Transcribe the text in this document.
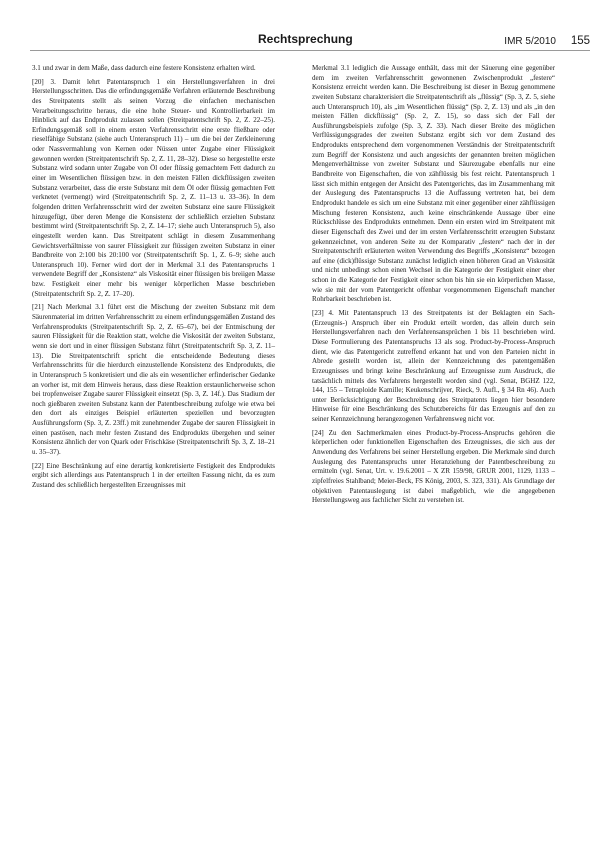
Rechtsprechung	IMR 5/2010 155

3.1 und zwar in dem Maße, dass dadurch eine festere Konsistenz erhalten wird.

[20] 3. Damit lehrt Patentanspruch 1 ein Herstellungsverfahren in drei Herstellungsschritten. Das die erfindungsgemäße Verfahren erläuternde Beschreibung des Streitpatents stellt als seinen Vorzug die einfachen mechanischen Verarbeitungsschritte heraus, die eine hohe Steuer- und Kontrollierbarkeit im Hinblick auf das Endprodukt zulassen sollen (Streitpatentschrift Sp. 2, Z. 22–25). Erfindungsgemäß soll in einem ersten Verfahrensschritt eine erste fließbare oder rieselfähige Substanz (siehe auch Unteranspruch 11) – um die bei der Zerkleinerung oder Nassvermahlung von Kernen oder Nüssen unter Zugabe einer Flüssigkeit gewonnen werden (Streitpatentschrift Sp. 2, Z. 11, 28–32). Diese so hergestellte erste Substanz wird sodann unter Zugabe von Öl oder flüssig gemachtem Fett dadurch zu einer im Wesentlichen flüssigen bzw. in den meisten Fällen dickflüssigen zweiten Substanz verarbeitet, dass die erste Substanz mit dem Öl oder flüssig gemachten Fett verknetet (vermengt) wird (Streitpatentschrift Sp. 2, Z. 11–13 u. 33–36). In dem folgenden dritten Verfahrensschritt wird der zweiten Substanz eine saure Flüssigkeit hinzugefügt, über deren Menge die Konsistenz der schließlich erzielten Substanz bestimmt wird (Streitpatentschrift Sp. 2, Z. 14–17; siehe auch Unteranspruch 5), also eingestellt werden kann. Das Streitpatent schlägt in diesem Zusammenhang Gewichtsverhältnisse von saurer Flüssigkeit zur flüssigen zweiten Substanz in einer Bandbreite von 2:100 bis 20:100 vor (Streitpatentschrift Sp. 1, Z. 6–9; siehe auch Unteranspruch 10). Ferner wird dort der in Merkmal 3.1 des Patentanspruchs 1 verwendete Begriff der „Konsistenz“ als Viskosität einer flüssigen bis breiigen Masse bzw. Festigkeit einer mehr bis weniger körperlichen Masse beschrieben (Streitpatentschrift Sp. 2, Z. 17–20).

[21] Nach Merkmal 3.1 führt erst die Mischung der zweiten Substanz mit dem Säurenmaterial im dritten Verfahrensschritt zu einem erfindungsgemäßen Zustand des Verfahrensprodukts (Streitpatentschrift Sp. 2, Z. 65–67), bei der Entmischung der sauren Flüssigkeit für die Reaktion statt, welche die Viskosität der zweiten Substanz, wenn sie dort und in einer flüssigen Substanz führt (Streitpatentschrift Sp. 3, Z. 11–13). Die Streitpatentschrift spricht die entscheidende Bedeutung dieses Verfahrensschritts für die hierdurch einzustellende Konsistenz des Endprodukts, die in Unteranspruch 5 konkretisiert und die als ein wesentlicher erfinderischer Gedanke an vorher ist, mit dem Hinweis heraus, dass diese Reaktion erstaunlicherweise schon bei tropfenweiser Zugabe saurer Flüssigkeit einsetzt (Sp. 3, Z. 14f.). Das Stadium der noch gießbaren zweiten Substanz kann der Patentbeschreibung zufolge wie etwa bei den dort als einziges Beispiel erläuterten speziellen und bevorzugten Ausführungsform (Sp. 3, Z. 23ff.) mit zunehmender Zugabe der sauren Flüssigkeit in einen pastösen, nach mehr festen Zustand des Endprodukts übergehen und seiner Konsistenz ähnlich der von Quark oder Frischkäse (Streitpatentschrift Sp. 3, Z. 18–21 u. 35–37).

[22] Eine Beschränkung auf eine derartig konkretisierte Festigkeit des Endprodukts ergibt sich allerdings aus Patentanspruch 1 in der erteilten Fassung nicht, da es zum Zustand des schließlich hergestellten Erzeugnisses mit

Merkmal 3.1 lediglich die Aussage enthält, dass mit der Säuerung eine gegenüber dem im zweiten Verfahrensschritt gewonnenen Zwischenprodukt „festere“ Konsistenz erreicht werden kann. Die Beschreibung ist dieser in Bezug genommene zweiten Substanz charakterisiert die Streitpatentschrift als „flüssig“ (Sp. 3, Z. 5, siehe auch Unteranspruch 10), als „im Wesentlichen flüssig“ (Sp. 2, Z. 13) und als „in den meisten Fällen dickflüssig“ (Sp. 2, Z. 15), so dass sich der Fall der Ausführungsbeispiels zufolge (Sp. 3, Z. 33). Nach dieser Breite des möglichen Verflüssigungsgrades der zweiten Substanz ergibt sich vor dem Zustand des Endprodukts entsprechend dem vorgenommenen Verständnis der Streitpatentschrift zum Begriff der Konsistenz und auch angesichts der genannten breiten möglichen Mengenverhältnisse von zweiter Substanz und Säurezugabe ebenfalls nur eine Bandbreite von Eigenschaften, die von zähflüssig bis fest reicht. Patentanspruch 1 lässt sich mithin entgegen der Ansicht des Patentgerichts, das im Zusammenhang mit der Auslegung des Patentanspruchs 13 die Auffassung vertreten hat, bei dem Endprodukt handele es sich um eine Substanz mit einer gegenüber einer zähflüssigen Mischung festeren Konsistenz, auch keine einschränkende Aussage über eine Rückschlüsse des Endprodukts entnehmen. Denn ein ersten wird im Streitpatent mit dieser Eigenschaft des Zwei und der im ersten Verfahrensschritt erzeugten Substanz gekennzeichnet, von anderen Seite zu der Komparativ „festere“ nach der in der Streitpatentschrift erläuterten weiten Verwendung des Begriffs „Konsistenz“ bezogen auf eine (dick)flüssige Substanz zunächst lediglich einen höheren Grad an Viskosität und nicht unbedingt schon einen Wechsel in die Kategorie der Festigkeit einer eher schon in die Kategorie der Festigkeit einer schon bis hin sie ein körperlichen Masse, wie sie mit der vom Patentgericht offenbar vorgenommenen Eigenschaft mancher Rohrbarkeit beschrieben ist.

[23] 4. Mit Patentanspruch 13 des Streitpatents ist der Beklagten ein Sach-(Erzeugnis-) Anspruch über ein Produkt erteilt worden, das allein durch sein Herstellungsverfahren nach den Verfahrensansprüchen 1 bis 11 beschrieben wird. Diese Formulierung des Patentanspruchs 13 als sog. Product-by-Process-Anspruch dient, wie das Patentgericht zutreffend erkannt hat und von den Parteien nicht in Abrede gestellt worden ist, allein der Kennzeichnung des patentgemäßen Erzeugnisses und bringt keine Beschränkung auf Erzeugnisse zum Ausdruck, die tatsächlich mittels des Verfahrens hergestellt worden sind (vgl. Senat, BGHZ 122, 144, 155 – Tetraploide Kamille; Keukenschrijver, Rieck, 9. Aufl., § 34 Rn 46). Auch unter Berücksichtigung der Beschreibung des Streitpatents liegen hier besondere Hinweise für eine Beschränkung des Schutzbereichs für das Erzeugnis auf den zu seiner Kennzeichnung herangezogenen Verfahrensweg nicht vor.

[24] Zu den Sachmerkmalen eines Product-by-Process-Anspruchs gehören die körperlichen oder funktionellen Eigenschaften des Erzeugnisses, die sich aus der Anwendung des Verfahrens bei seiner Herstellung ergeben. Die Merkmale sind durch Auslegung des Patentanspruchs unter Heranziehung der Patentbeschreibung zu ermitteln (vgl. Senat, Urt. v. 19.6.2001 – X ZR 159/98, GRUR 2001, 1129, 1133 – zipfelfreies Stahlband; Meier-Beck, FS König, 2003, S. 323, 331). Als Grundlage der objektiven Patentauslegung ist dabei maßgeblich, wie die angegebenen Herstellungsweg aus fachlicher Sicht zu verstehen ist.
